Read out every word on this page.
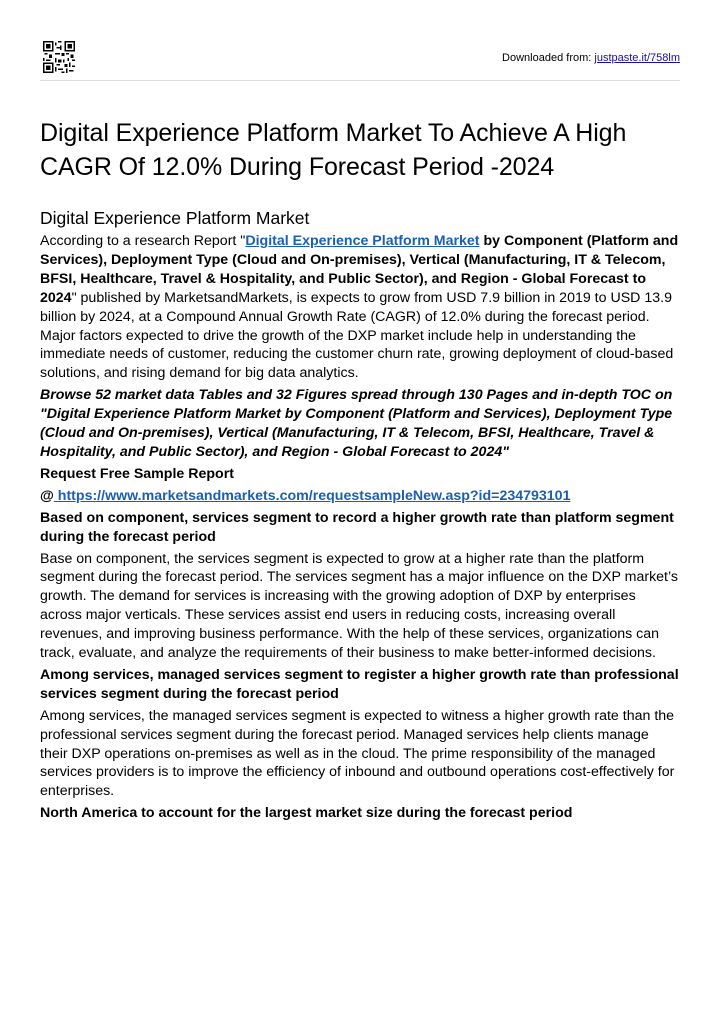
Downloaded from: justpaste.it/758lm
Digital Experience Platform Market To Achieve A High CAGR Of 12.0% During Forecast Period -2024
Digital Experience Platform Market

According to a research Report "Digital Experience Platform Market by Component (Platform and Services), Deployment Type (Cloud and On-premises), Vertical (Manufacturing, IT & Telecom, BFSI, Healthcare, Travel & Hospitality, and Public Sector), and Region - Global Forecast to 2024" published by MarketsandMarkets, is expects to grow from USD 7.9 billion in 2019 to USD 13.9 billion by 2024, at a Compound Annual Growth Rate (CAGR) of 12.0% during the forecast period. Major factors expected to drive the growth of the DXP market include help in understanding the immediate needs of customer, reducing the customer churn rate, growing deployment of cloud-based solutions, and rising demand for big data analytics.

Browse 52 market data Tables and 32 Figures spread through 130 Pages and in-depth TOC on "Digital Experience Platform Market by Component (Platform and Services), Deployment Type (Cloud and On-premises), Vertical (Manufacturing, IT & Telecom, BFSI, Healthcare, Travel & Hospitality, and Public Sector), and Region - Global Forecast to 2024"

Request Free Sample Report

@ https://www.marketsandmarkets.com/requestsampleNew.asp?id=234793101

Based on component, services segment to record a higher growth rate than platform segment during the forecast period

Base on component, the services segment is expected to grow at a higher rate than the platform segment during the forecast period. The services segment has a major influence on the DXP market’s growth. The demand for services is increasing with the growing adoption of DXP by enterprises across major verticals. These services assist end users in reducing costs, increasing overall revenues, and improving business performance. With the help of these services, organizations can track, evaluate, and analyze the requirements of their business to make better-informed decisions.

Among services, managed services segment to register a higher growth rate than professional services segment during the forecast period

Among services, the managed services segment is expected to witness a higher growth rate than the professional services segment during the forecast period. Managed services help clients manage their DXP operations on-premises as well as in the cloud. The prime responsibility of the managed services providers is to improve the efficiency of inbound and outbound operations cost-effectively for enterprises.

North America to account for the largest market size during the forecast period
